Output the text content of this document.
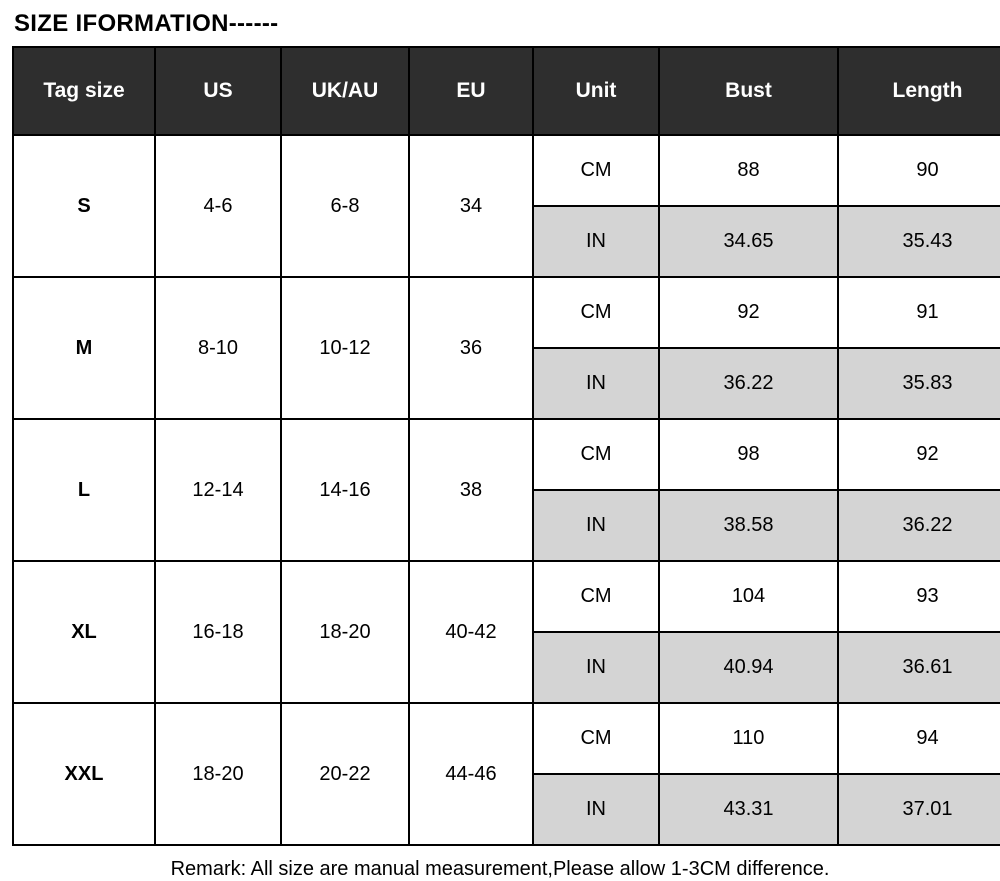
SIZE IFORMATION------
Tag size	US	UK/AU	EU	Unit	Bust	Length
S	4-6	6-8	34	CM	88	90
				IN	34.65	35.43
M	8-10	10-12	36	CM	92	91
				IN	36.22	35.83
L	12-14	14-16	38	CM	98	92
				IN	38.58	36.22
XL	16-18	18-20	40-42	CM	104	93
				IN	40.94	36.61
XXL	18-20	20-22	44-46	CM	110	94
				IN	43.31	37.01
Remark: All size are manual measurement,Please allow 1-3CM difference.
